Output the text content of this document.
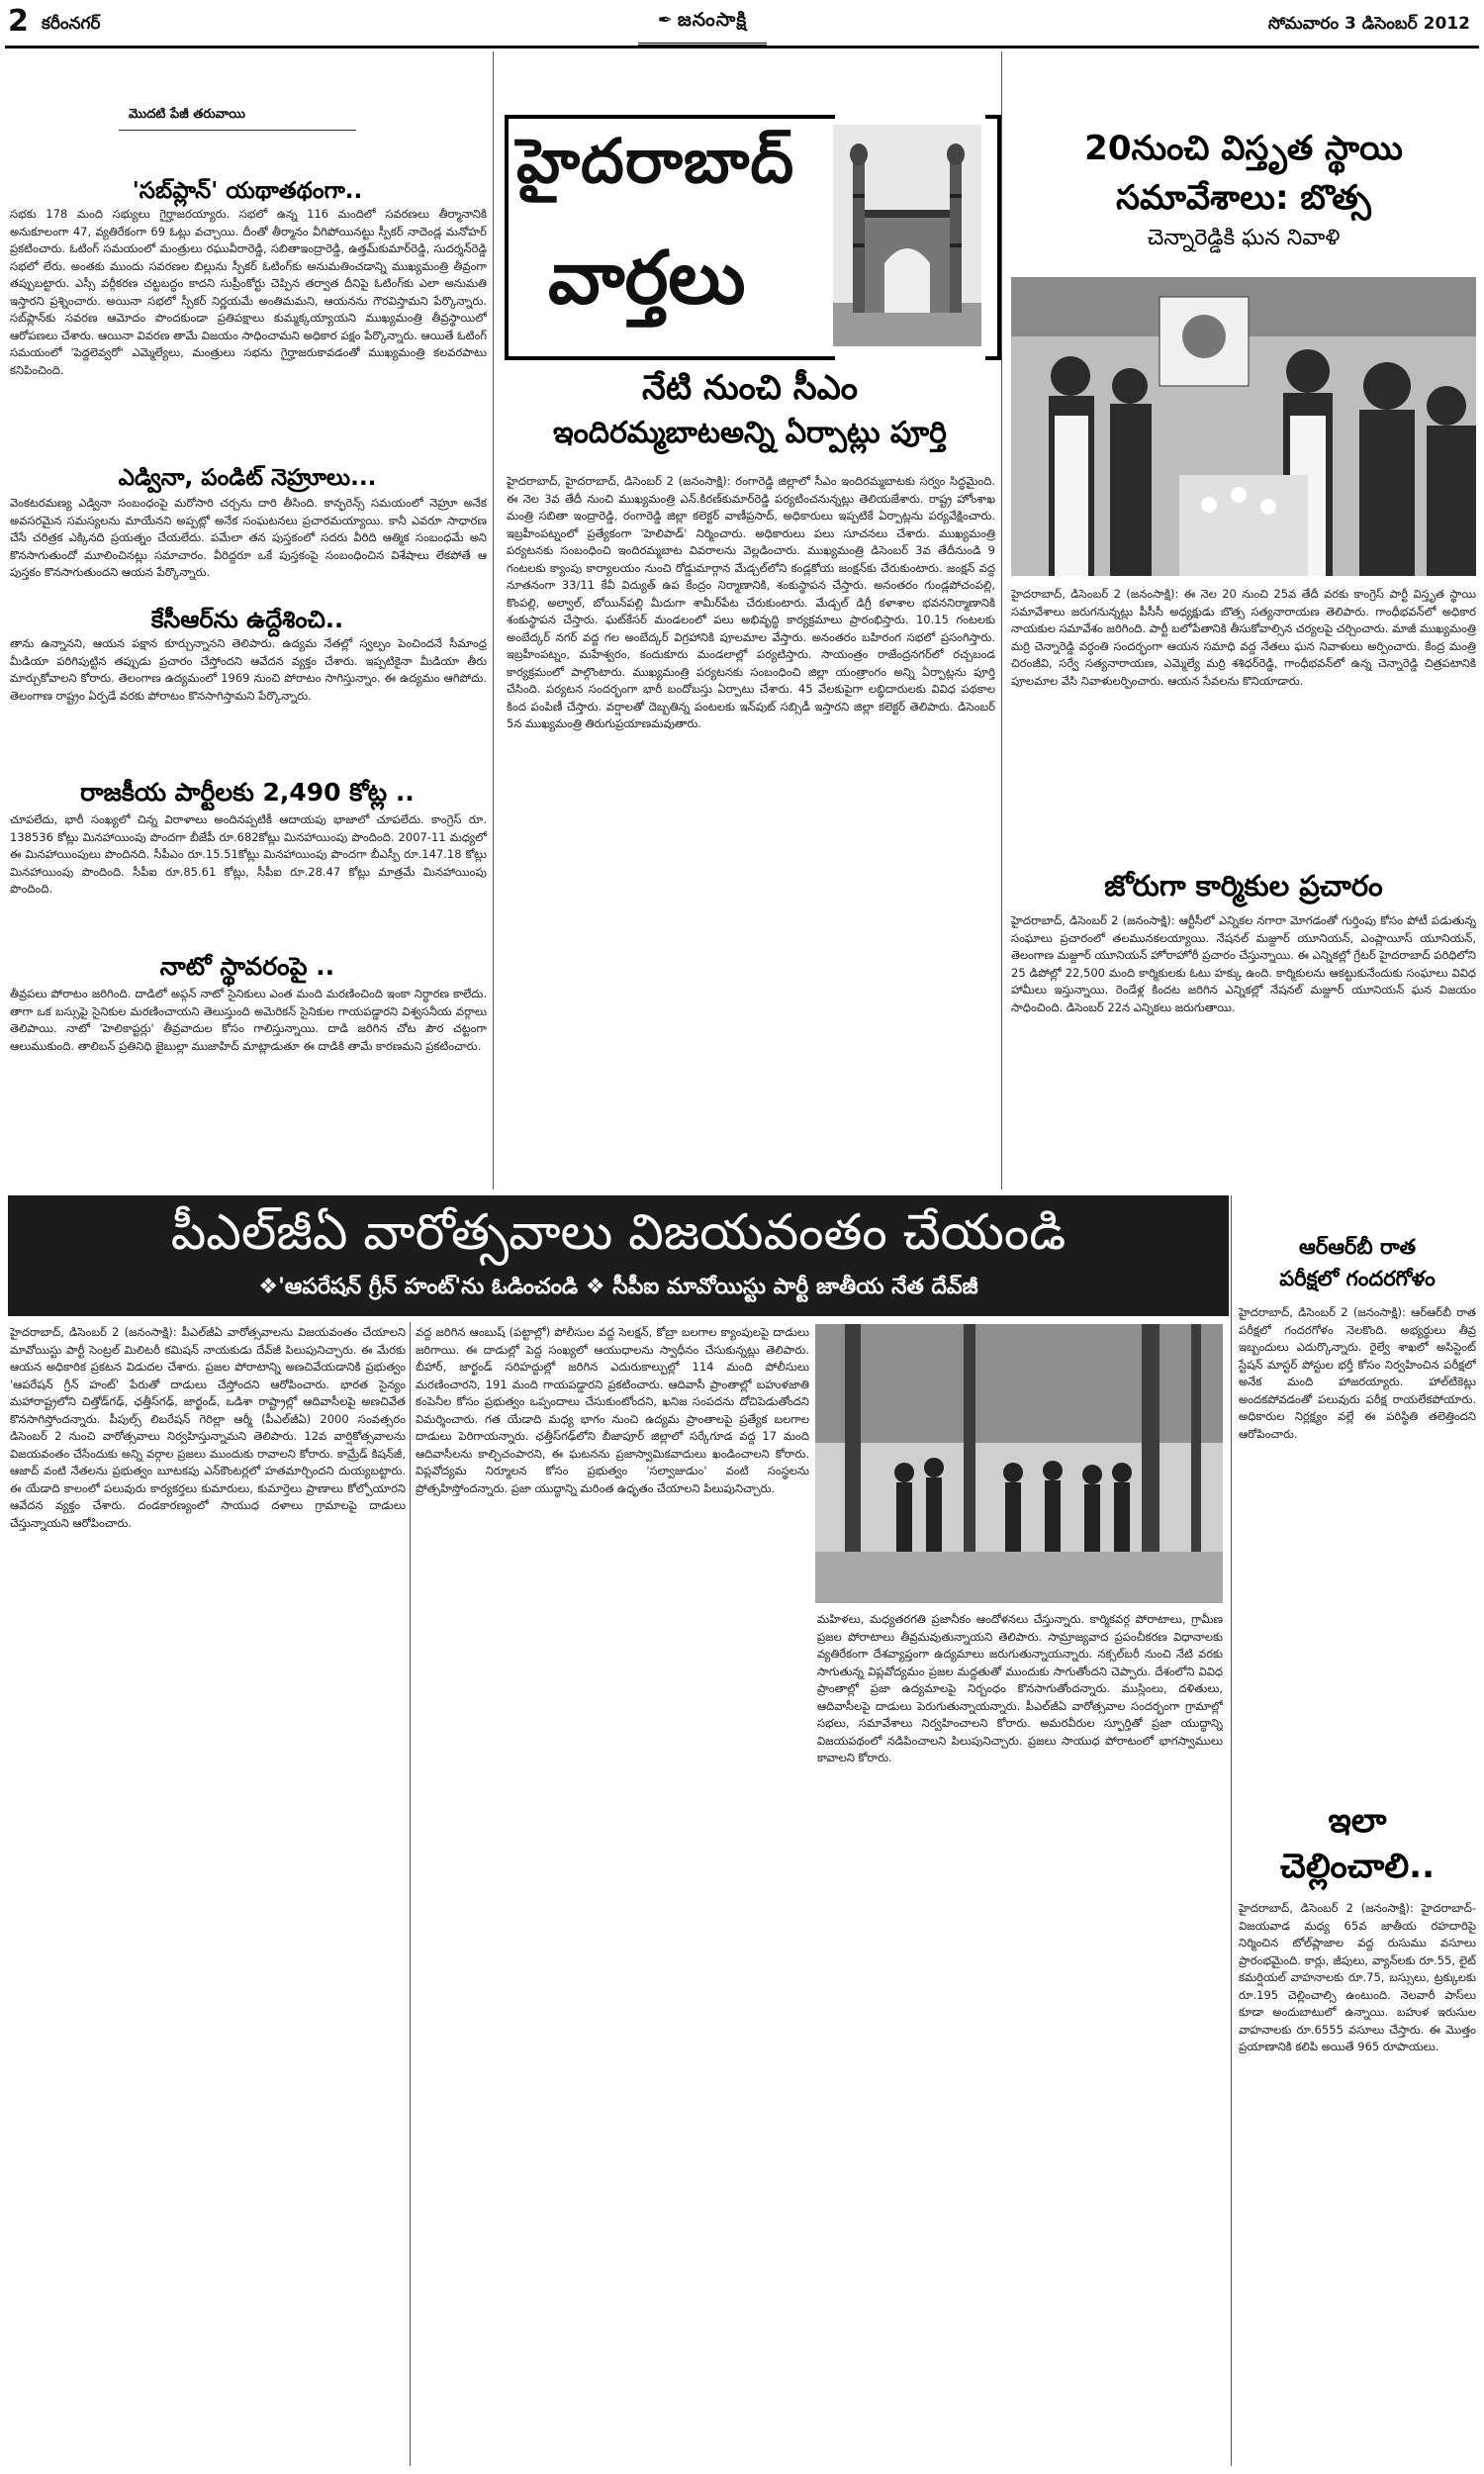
2 కరీంనగర్	✒ జనంసాక్షి	సోమవారం 3 డిసెంబర్ 2012
మొదటి పేజీ తరువాయి
'సబ్‌ప్లాన్‌' యథాతథంగా..
సభకు 178 మంది సభ్యులు గైర్హాజరయ్యారు. సభలో ఉన్న 116 మందిలో సవరణలు తీర్మానానికి అనుకూలంగా 47, వ్యతిరేకంగా 69 ఓట్లు వచ్చాయి. దీంతో తీర్మానం వీగిపోయినట్టు స్పీకర్‌ నాదెండ్ల మనోహర్‌ ప్రకటించారు. ఓటింగ్‌ సమయంలో మంత్రులు రఘువీరారెడ్డి, సబితాఇంద్రారెడ్డి, ఉత్తమ్‌కుమార్‌రెడ్డి, సుదర్శన్‌రెడ్డి సభలో లేరు. అంతకు ముందు సవరణల బిల్లును స్పీకర్‌ ఓటింగ్‌కు అనుమతించడాన్ని ముఖ్యమంత్రి తీవ్రంగా తప్పుబట్టారు. ఎస్సీ వర్గీకరణ చట్టబద్ధం కాదని సుప్రీంకోర్టు చెప్పిన తర్వాత దీనిపై ఓటింగ్‌కు ఎలా అనుమతి ఇస్తారని ప్రశ్నించారు. అయినా సభలో స్పీకర్‌ నిర్ణయమే అంతిమమని, ఆయనను గౌరవిస్తామని పేర్కొన్నారు. సబ్‌ప్లాన్‌కు సవరణ ఆమోదం పొందకుండా ప్రతిపక్షాలు కుమ్మక్కయ్యాయని ముఖ్యమంత్రి తీవ్రస్థాయిలో ఆరోపణలు చేశారు. ఆయినా వివరణ తామే విజయం సాధించామని అధికార పక్షం పేర్కొన్నారు. ఆయితే ఓటింగ్‌ సమయంలో 'పెద్దలెవ్వరో' ఎమ్మెల్యేలు, మంత్రులు సభను గైర్హాజరుకావడంతో ముఖ్యమంత్రి కలవరపాటు కనిపించింది.
ఎడ్వినా, పండిట్‌ నెహ్రూలు...
వెంకటరమణ్య ఎడ్వినా సంబంధంపై మరోసారి చర్చను దారి తీసింది. కాన్ఫరెన్స్‌ సమయంలో నెహ్రూ అనేక అవసరమైన సమస్యలను మాయేనని అప్పట్లో అనేక సంఘటనలు ప్రచారమయ్యాయి. కానీ ఎవరూ సాధారణ చేసే చరిత్రక ఎక్కినది ప్రయత్నం చేయలేదు. పమేలా తన పుస్తకంలో సదరు వీరిది ఆత్మిక సంబంధమే అని కొనసాగుతుందో మూలించినట్లు సమాచారం. వీరిద్దరూ ఒకే పుస్తకంపై సంబంధించిన విశేషాలు లేకపోతే ఆ పుస్తకం కొనసాగుతుందని ఆయన పేర్కొన్నారు.
కేసీఆర్‌ను ఉద్దేశించి..
తాను ఉన్నానని, ఆయన పక్షాన కూర్చున్నానని తెలిపారు. ఉద్యమ నేతల్లో స్వల్పం పెంచిందనే సీమాంధ్ర మీడియా పరిగిపుట్టిన తప్పుడు ప్రచారం చేస్తోందని ఆవేదన వ్యక్తం చేశారు. ఇప్పటికైనా మీడియా తీరు మార్చుకోవాలని కోరారు. తెలంగాణ ఉద్యమంలో 1969 నుంచి పోరాటం సాగిస్తున్నాం. ఈ ఉద్యమం ఆగిపోదు. తెలంగాణ రాష్ట్రం ఏర్పడే వరకు పోరాటం కొనసాగిస్తామని పేర్కొన్నారు.
రాజకీయ పార్టీలకు 2,490 కోట్ల ..
చూపలేదు, భారీ సంఖ్యలో చిన్న విరాళాలు అందినప్పటికీ ఆదాయపు భాజాలో చూపలేదు. కాంగ్రెస్‌ రూ. 138536 కోట్లు మినహాయింపు పొందగా బీజేపీ రూ.682కోట్లు మినహాయింపు పొందింది. 2007-11 మధ్యలో ఈ మినహాయింపులు పొందినది. సీపీఎం రూ.15.51కోట్లు మినహాయింపు పొందగా బీఎస్పీ రూ.147.18 కోట్లు మినహాయింపు పొందింది. సీపీఐ రూ.85.61 కోట్లు, సీపీఐ రూ.28.47 కోట్లు మాత్రమే మినహాయింపు పొందింది.
నాటో స్థావరంపై ..
తీవ్రపలు పోరాటం జరిగింది. దాడిలో అప్గన్‌ నాటో సైనికులు ఎంత మంది మరణించింది ఇంకా నిర్ధారణ కాలేదు. తాగా ఒక బస్సుపై సైనికుల మరణించాయని తెలుస్తుంది అమెరికన్‌ సైనికుల గాయపడ్డారని విశ్వసనీయ వర్గాలు తెలిపాయి. నాటో 'హెలికాప్టర్లు' తీవ్రవాదుల కోసం గాలిస్తున్నాయి. దాడి జరిగిన చోట పౌర చట్టంగా ఆలుముకుంది. తాలిబన్‌ ప్రతినిధి జైబుల్లా ముజాహిద్‌ మాట్లాడుతూ ఈ దాడికి తామే కారణమని ప్రకటించారు.
హైదరాబాద్‌
వార్తలు
నేటి నుంచి సీఎం
ఇందిరమ్మబాటఅన్ని ఏర్పాట్లు పూర్తి
హైదరాబాద్‌, హైదరాబాద్‌, డిసెంబర్‌ 2 (జనంసాక్షి): రంగారెడ్డి జిల్లాలో సీఎం ఇందిరమ్మబాటకు సర్వం సిద్ధమైంది. ఈ నెల 3వ తేదీ నుంచి ముఖ్యమంత్రి ఎన్‌.కిరణ్‌కుమార్‌రెడ్డి పర్యటించనున్నట్లు తెలియజేశారు. రాష్ట్ర హోంశాఖ మంత్రి సబితా ఇంద్రారెడ్డి, రంగారెడ్డి జిల్లా కలెక్టర్‌ వాణీప్రసాద్‌, అధికారులు ఇప్పటికే ఏర్పాట్లను పర్యవేక్షించారు. ఇబ్రహీంపట్నంలో ప్రత్యేకంగా 'హెలిపాడ్‌' నిర్మించారు. అధికారులు పలు సూచనలు చేశారు. ముఖ్యమంత్రి పర్యటనకు సంబంధించి ఇందిరమ్మబాట వివరాలను వెల్లడించారు. ముఖ్యమంత్రి డిసెంబర్‌ 3వ తేదీనుండి 9 గంటలకు క్యాంపు కార్యాలయం నుంచి రోడ్డుమార్గాన మేడ్చల్‌లోని కండ్లకోయ జంక్షన్‌కు చేరుకుంటారు. జంక్షన్‌ వద్ద నూతనంగా 33/11 కేవీ విద్యుత్‌ ఉప కేంద్రం నిర్మాణానికి, శంకుస్థాపన చేస్తారు. అనంతరం గుండ్లపోచంపల్లి, కొంపల్లి, అల్వాల్‌, బోయిన్‌పల్లి మీదుగా శామీర్‌పేట చేరుకుంటారు. మేడ్చల్‌ డిగ్రీ కళాశాల భవననిర్మాణానికి శంకుస్థాపన చేస్తారు. ఘట్‌కేసర్‌ మండలంలో పలు అభివృద్ధి కార్యక్రమాలు ప్రారంభిస్తారు. 10.15 గంటలకు అంబేద్కర్‌ నగర్‌ వద్ద గల అంబేద్కర్‌ విగ్రహానికి పూలమాల వేస్తారు. అనంతరం బహిరంగ సభలో ప్రసంగిస్తారు. ఇబ్రహీంపట్నం, మహేశ్వరం, కందుకూరు మండలాల్లో పర్యటిస్తారు. సాయంత్రం రాజేంద్రనగర్‌లో రచ్చబండ కార్యక్రమంలో పాల్గొంటారు. ముఖ్యమంత్రి పర్యటనకు సంబంధించి జిల్లా యంత్రాంగం అన్ని ఏర్పాట్లను పూర్తి చేసింది. పర్యటన సందర్భంగా భారీ బందోబస్తు ఏర్పాటు చేశారు. 45 వేలకుపైగా లబ్ధిదారులకు వివిధ పథకాల కింద పంపిణీ చేస్తారు. వర్షాలతో దెబ్బతిన్న పంటలకు ఇన్‌పుట్‌ సబ్సిడీ ఇస్తారని జిల్లా కలెక్టర్‌ తెలిపారు. డిసెంబర్‌ 5న ముఖ్యమంత్రి తిరుగుప్రయాణమవుతారు.
20నుంచి విస్తృత స్థాయి
సమావేశాలు: బొత్స
చెన్నారెడ్డికి ఘన నివాళి
హైదరాబాద్‌, డిసెంబర్‌ 2 (జనంసాక్షి): ఈ నెల 20 నుంచి 25వ తేదీ వరకు కాంగ్రెస్‌ పార్టీ విస్తృత స్థాయి సమావేశాలు జరుగనున్నట్లు పీసీసీ అధ్యక్షుడు బొత్స సత్యనారాయణ తెలిపారు. గాంధీభవన్‌లో అధికార నాయకుల సమావేశం జరిగింది. పార్టీ బలోపేతానికి తీసుకోవాల్సిన చర్యలపై చర్చించారు. మాజీ ముఖ్యమంత్రి మర్రి చెన్నారెడ్డి వర్ధంతి సందర్భంగా ఆయన సమాధి వద్ద నేతలు ఘన నివాళులు అర్పించారు. కేంద్ర మంత్రి చిరంజీవి, సర్వే సత్యనారాయణ, ఎమ్మెల్యే మర్రి శశిధర్‌రెడ్డి, గాంధీభవన్‌లో ఉన్న చెన్నారెడ్డి చిత్రపటానికి పూలమాల వేసి నివాళులర్పించారు. ఆయన సేవలను కొనియాడారు.
జోరుగా కార్మికుల ప్రచారం
హైదరాబాద్‌, డిసెంబర్‌ 2 (జనంసాక్షి): ఆర్టీసీలో ఎన్నికల నగారా మోగడంతో గుర్తింపు కోసం పోటీ పడుతున్న సంఘాలు ప్రచారంలో తలమునకలయ్యాయి. నేషనల్‌ మజ్దూర్‌ యూనియన్‌, ఎంప్లాయీస్‌ యూనియన్‌, తెలంగాణ మజ్దూర్‌ యూనియన్‌ హోరాహోరీ ప్రచారం చేస్తున్నాయి. ఈ ఎన్నికల్లో గ్రేటర్‌ హైదరాబాద్‌ పరిధిలోని 25 డిపోల్లో 22,500 మంది కార్మికులకు ఓటు హక్కు ఉంది. కార్మికులను ఆకట్టుకునేందుకు సంఘాలు వివిధ హామీలు ఇస్తున్నాయి. రెండేళ్ల కిందట జరిగిన ఎన్నికల్లో నేషనల్‌ మజ్దూర్‌ యూనియన్‌ ఘన విజయం సాధించింది. డిసెంబర్‌ 22న ఎన్నికలు జరుగుతాయి.
పీఎల్‌జీఏ వారోత్సవాలు విజయవంతం చేయండి
❖'ఆపరేషన్‌ గ్రీన్‌ హంట్‌'ను ఓడించండి ❖ సీపీఐ మావోయిస్టు పార్టీ జాతీయ నేత దేవ్‌జీ
హైదరాబాద్‌, డిసెంబర్‌ 2 (జనంసాక్షి): పీఎల్‌జీఏ వారోత్సవాలను విజయవంతం చేయాలని మావోయిస్టు పార్టీ సెంట్రల్‌ మిలిటరీ కమిషన్‌ నాయకుడు దేవ్‌జీ పిలుపునిచ్చారు. ఈ మేరకు ఆయన అధికారిక ప్రకటన విడుదల చేశారు. ప్రజల పోరాటాన్ని అణచివేయడానికి ప్రభుత్వం 'ఆపరేషన్‌ గ్రీన్‌ హంట్‌' పేరుతో దాడులు చేస్తోందని ఆరోపించారు. భారత సైన్యం మహారాష్ట్రలోని చిత్తోడ్‌గఢ్‌, ఛత్తీస్‌గఢ్‌, జార్ఖండ్‌, ఒడిశా రాష్ట్రాల్లో ఆదివాసీలపై అణచివేత కొనసాగిస్తోందన్నారు. పీపుల్స్‌ లిబరేషన్‌ గెరిల్లా ఆర్మీ (పీఎల్‌జీఏ) 2000 సంవత్సరం డిసెంబర్‌ 2 నుంచి వారోత్సవాలు నిర్వహిస్తున్నామని తెలిపారు. 12వ వార్షికోత్సవాలను విజయవంతం చేసేందుకు అన్ని వర్గాల ప్రజలు ముందుకు రావాలని కోరారు. కామ్రేడ్‌ కిషన్‌జీ, ఆజాద్‌ వంటి నేతలను ప్రభుత్వం బూటకపు ఎన్‌కౌంటర్లలో హతమార్చిందని దుయ్యబట్టారు. ఈ యేడాది కాలంలో పలువురు కార్యకర్తలు కుమారులు, కుమార్తెలు ప్రాణాలు కోల్పోయారని ఆవేదన వ్యక్తం చేశారు. దండకారణ్యంలో సాయుధ దళాలు గ్రామాలపై దాడులు చేస్తున్నాయని ఆరోపించారు.
వద్ద జరిగిన ఆంబుష్‌ (పట్టాల్లో) పోలీసుల వద్ద సెలక్షన్‌, కోబ్రా బలగాల క్యాంపులపై దాడులు జరిగాయి. ఈ దాడుల్లో పెద్ద సంఖ్యలో ఆయుధాలను స్వాధీనం చేసుకున్నట్లు తెలిపారు. బీహార్‌, జార్ఖండ్‌ సరిహద్దుల్లో జరిగిన ఎదురుకాల్పుల్లో 114 మంది పోలీసులు మరణించారని, 191 మంది గాయపడ్డారని ప్రకటించారు. ఆదివాసీ ప్రాంతాల్లో బహుళజాతి కంపెనీల కోసం ప్రభుత్వం ఒప్పందాలు చేసుకుంటోందని, ఖనిజ సంపదను దోచిపెడుతోందని విమర్శించారు. గత యేడాది మధ్య భాగం నుంచి ఉద్యమ ప్రాంతాలపై ప్రత్యేక బలగాల దాడులు పెరిగాయన్నారు. ఛత్తీస్‌గఢ్‌లోని బీజాపూర్‌ జిల్లాలో సర్కేగూడ వద్ద 17 మంది ఆదివాసీలను కాల్చిచంపారని, ఈ ఘటనను ప్రజాస్వామికవాదులు ఖండించాలని కోరారు. విప్లవోద్యమ నిర్మూలన కోసం ప్రభుత్వం 'సల్వాజుడుం' వంటి సంస్థలను ప్రోత్సహిస్తోందన్నారు. ప్రజా యుద్ధాన్ని మరింత ఉధృతం చేయాలని పిలుపునిచ్చారు.
మహిళలు, మధ్యతరగతి ప్రజానీకం ఆందోళనలు చేస్తున్నారు. కార్మికవర్గ పోరాటాలు, గ్రామీణ ప్రజల పోరాటాలు తీవ్రమవుతున్నాయని తెలిపారు. సామ్రాజ్యవాద ప్రపంచీకరణ విధానాలకు వ్యతిరేకంగా దేశవ్యాప్తంగా ఉద్యమాలు జరుగుతున్నాయన్నారు. నక్సల్‌బరీ నుంచి నేటి వరకు సాగుతున్న విప్లవోద్యమం ప్రజల మద్దతుతో ముందుకు సాగుతోందని చెప్పారు. దేశంలోని వివిధ ప్రాంతాల్లో ప్రజా ఉద్యమాలపై నిర్బంధం కొనసాగుతోందన్నారు. ముస్లింలు, దళితులు, ఆదివాసీలపై దాడులు పెరుగుతున్నాయన్నారు. పీఎల్‌జీఏ వారోత్సవాల సందర్భంగా గ్రామాల్లో సభలు, సమావేశాలు నిర్వహించాలని కోరారు. అమరవీరుల స్ఫూర్తితో ప్రజా యుద్ధాన్ని విజయపథంలో నడిపించాలని పిలుపునిచ్చారు. ప్రజలు సాయుధ పోరాటంలో భాగస్వాములు కావాలని కోరారు.
ఆర్‌ఆర్‌బీ రాత
పరీక్షలో గందరగోళం
హైదరాబాద్‌, డిసెంబర్‌ 2 (జనంసాక్షి): ఆర్‌ఆర్‌బీ రాత పరీక్షలో గందరగోళం నెలకొంది. అభ్యర్థులు తీవ్ర ఇబ్బందులు ఎదుర్కొన్నారు. రైల్వే శాఖలో అసిస్టెంట్‌ స్టేషన్‌ మాస్టర్‌ పోస్టుల భర్తీ కోసం నిర్వహించిన పరీక్షలో అనేక మంది హాజరయ్యారు. హాల్‌టికెట్లు అందకపోవడంతో పలువురు పరీక్ష రాయలేకపోయారు. అధికారుల నిర్లక్ష్యం వల్లే ఈ పరిస్థితి తలెత్తిందని ఆరోపించారు.
ఇలా
చెల్లించాలి..
హైదరాబాద్‌, డిసెంబర్‌ 2 (జనంసాక్షి): హైదరాబాద్‌-విజయవాడ మధ్య 65వ జాతీయ రహదారిపై నిర్మించిన టోల్‌ప్లాజాల వద్ద రుసుము వసూలు ప్రారంభమైంది. కార్లు, జీపులు, వ్యాన్‌లకు రూ.55, లైట్‌ కమర్షియల్‌ వాహనాలకు రూ.75, బస్సులు, ట్రక్కులకు రూ.195 చెల్లించాల్సి ఉంటుంది. నెలవారీ పాస్‌లు కూడా అందుబాటులో ఉన్నాయి. బహుళ ఇరుసుల వాహనాలకు రూ.6555 వసూలు చేస్తారు. ఈ మొత్తం ప్రయాణానికి కలిపి అయితే 965 రూపాయలు.
